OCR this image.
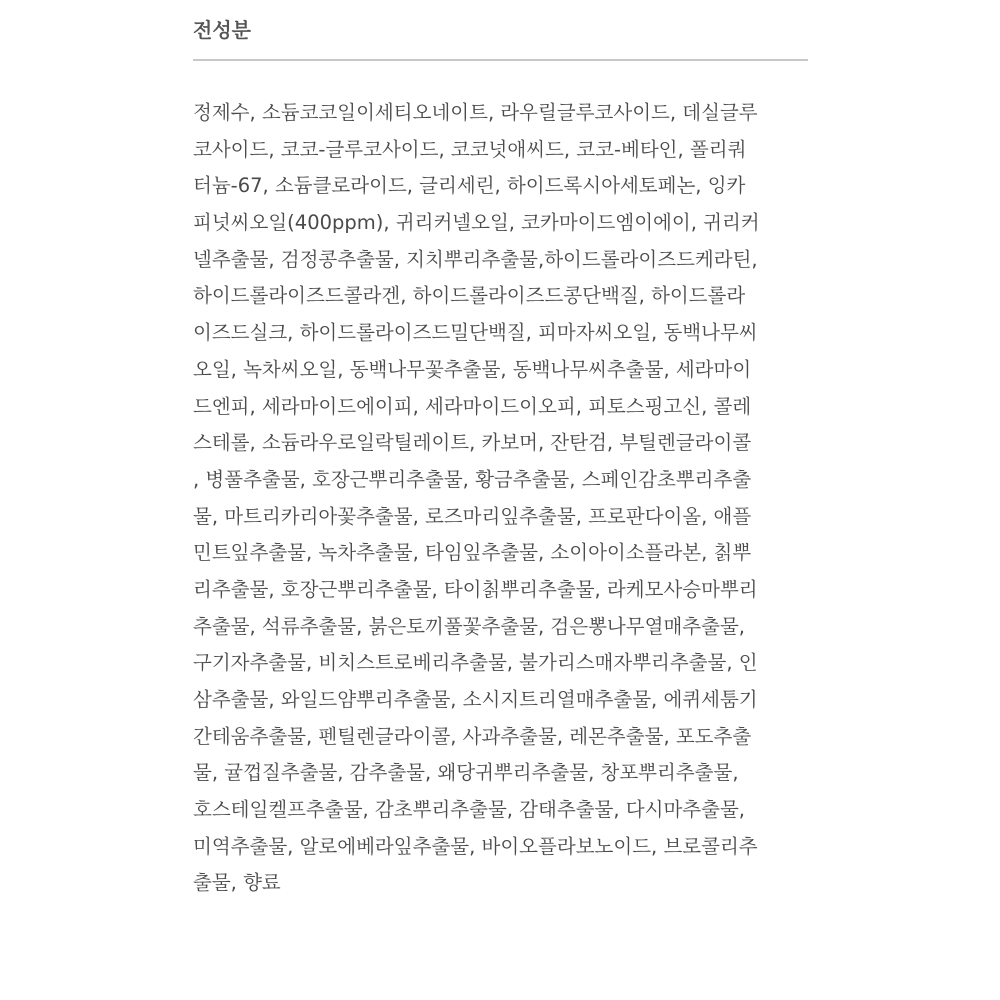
전성분
정제수, 소듐코코일이세티오네이트, 라우릴글루코사이드, 데실글루
코사이드, 코코-글루코사이드, 코코넛애씨드, 코코-베타인, 폴리쿼
터늄-67, 소듐클로라이드, 글리세린, 하이드록시아세토페논, 잉카
피넛씨오일(400ppm), 귀리커넬오일, 코카마이드엠이에이, 귀리커
넬추출물, 검정콩추출물, 지치뿌리추출물,하이드롤라이즈드케라틴,
하이드롤라이즈드콜라겐, 하이드롤라이즈드콩단백질, 하이드롤라
이즈드실크, 하이드롤라이즈드밀단백질, 피마자씨오일, 동백나무씨
오일, 녹차씨오일, 동백나무꽃추출물, 동백나무씨추출물, 세라마이
드엔피, 세라마이드에이피, 세라마이드이오피, 피토스핑고신, 콜레
스테롤, 소듐라우로일락틸레이트, 카보머, 잔탄검, 부틸렌글라이콜
, 병풀추출물, 호장근뿌리추출물, 황금추출물, 스페인감초뿌리추출
물, 마트리카리아꽃추출물, 로즈마리잎추출물, 프로판다이올, 애플
민트잎추출물, 녹차추출물, 타임잎추출물, 소이아이소플라본, 칡뿌
리추출물, 호장근뿌리추출물, 타이칡뿌리추출물, 라케모사승마뿌리
추출물, 석류추출물, 붉은토끼풀꽃추출물, 검은뽕나무열매추출물,
구기자추출물, 비치스트로베리추출물, 불가리스매자뿌리추출물, 인
삼추출물, 와일드얌뿌리추출물, 소시지트리열매추출물, 에퀴세툼기
간테움추출물, 펜틸렌글라이콜, 사과추출물, 레몬추출물, 포도추출
물, 귤껍질추출물, 감추출물, 왜당귀뿌리추출물, 창포뿌리추출물,
호스테일켈프추출물, 감초뿌리추출물, 감태추출물, 다시마추출물,
미역추출물, 알로에베라잎추출물, 바이오플라보노이드, 브로콜리추
출물, 향료
